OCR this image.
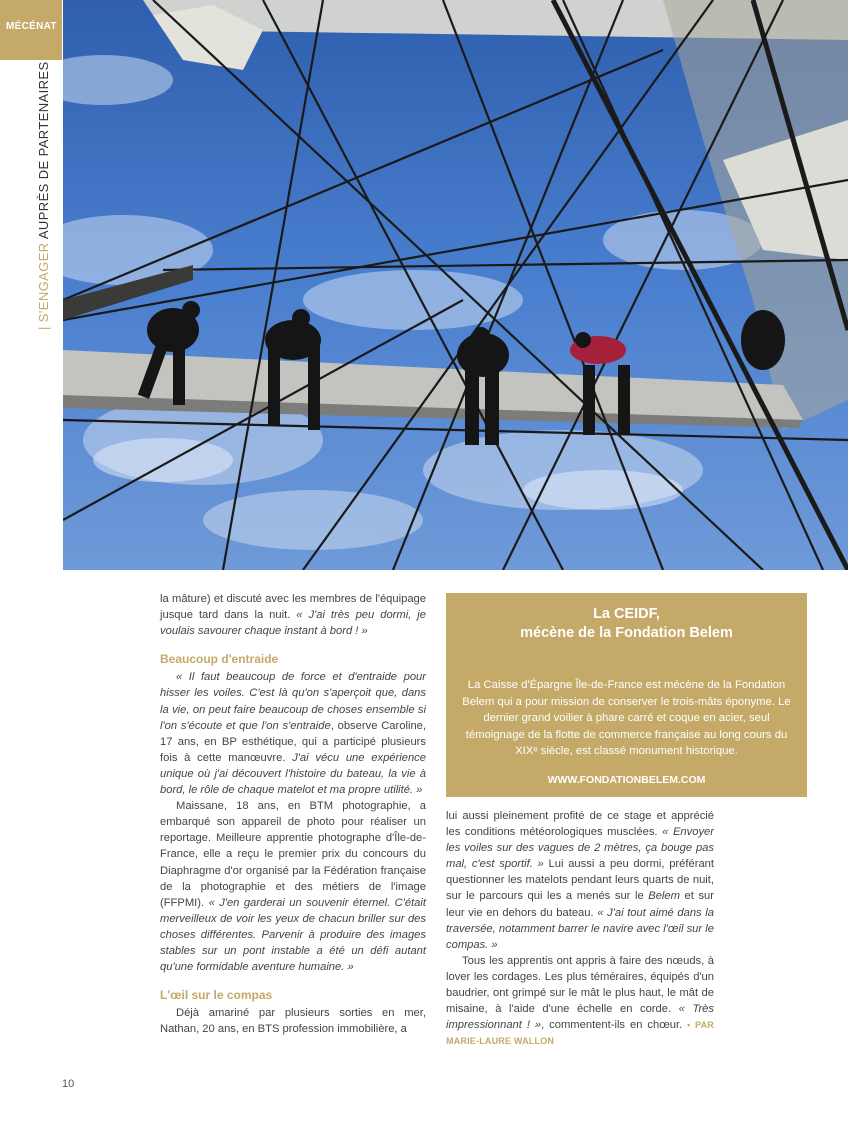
MÉCÉNAT
| S'ENGAGER AUPRÈS DE PARTENAIRES |

la mâture) et discuté avec les membres de l'équipage jusque tard dans la nuit. « J'ai très peu dormi, je voulais savourer chaque instant à bord ! »

Beaucoup d'entraide

« Il faut beaucoup de force et d'entraide pour hisser les voiles. C'est là qu'on s'aperçoit que, dans la vie, on peut faire beaucoup de choses ensemble si l'on s'écoute et que l'on s'entraide, observe Caroline, 17 ans, en BP esthétique, qui a participé plusieurs fois à cette manœuvre. J'ai vécu une expérience unique où j'ai découvert l'histoire du bateau, la vie à bord, le rôle de chaque matelot et ma propre utilité. »

Maissane, 18 ans, en BTM photographie, a embarqué son appareil de photo pour réaliser un reportage. Meilleure apprentie photographe d'Île-de-France, elle a reçu le premier prix du concours du Diaphragme d'or organisé par la Fédération française de la photographie et des métiers de l'image (FFPMI). « J'en garderai un souvenir éternel. C'était merveilleux de voir les yeux de chacun briller sur des choses différentes. Parvenir à produire des images stables sur un pont instable a été un défi autant qu'une formidable aventure humaine. »

L'œil sur le compas

Déjà amariné par plusieurs sorties en mer, Nathan, 20 ans, en BTS profession immobilière, a

La CEIDF,
mécène de la Fondation Belem
La Caisse d'Épargne Île-de-France est mécène de la Fondation Belem qui a pour mission de conserver le trois-mâts éponyme. Le dernier grand voilier à phare carré et coque en acier, seul témoignage de la flotte de commerce française au long cours du XIXᵉ siècle, est classé monument historique.
WWW.FONDATIONBELEM.COM

lui aussi pleinement profité de ce stage et apprécié les conditions météorologiques musclées. « Envoyer les voiles sur des vagues de 2 mètres, ça bouge pas mal, c'est sportif. » Lui aussi a peu dormi, préférant questionner les matelots pendant leurs quarts de nuit, sur le parcours qui les a menés sur le Belem et sur leur vie en dehors du bateau. « J'ai tout aimé dans la traversée, notamment barrer le navire avec l'œil sur le compas. »

Tous les apprentis ont appris à faire des nœuds, à lover les cordages. Les plus téméraires, équipés d'un baudrier, ont grimpé sur le mât le plus haut, le mât de misaine, à l'aide d'une échelle en corde. « Très impressionnant ! », commentent-ils en chœur. • PAR MARIE-LAURE WALLON

10
